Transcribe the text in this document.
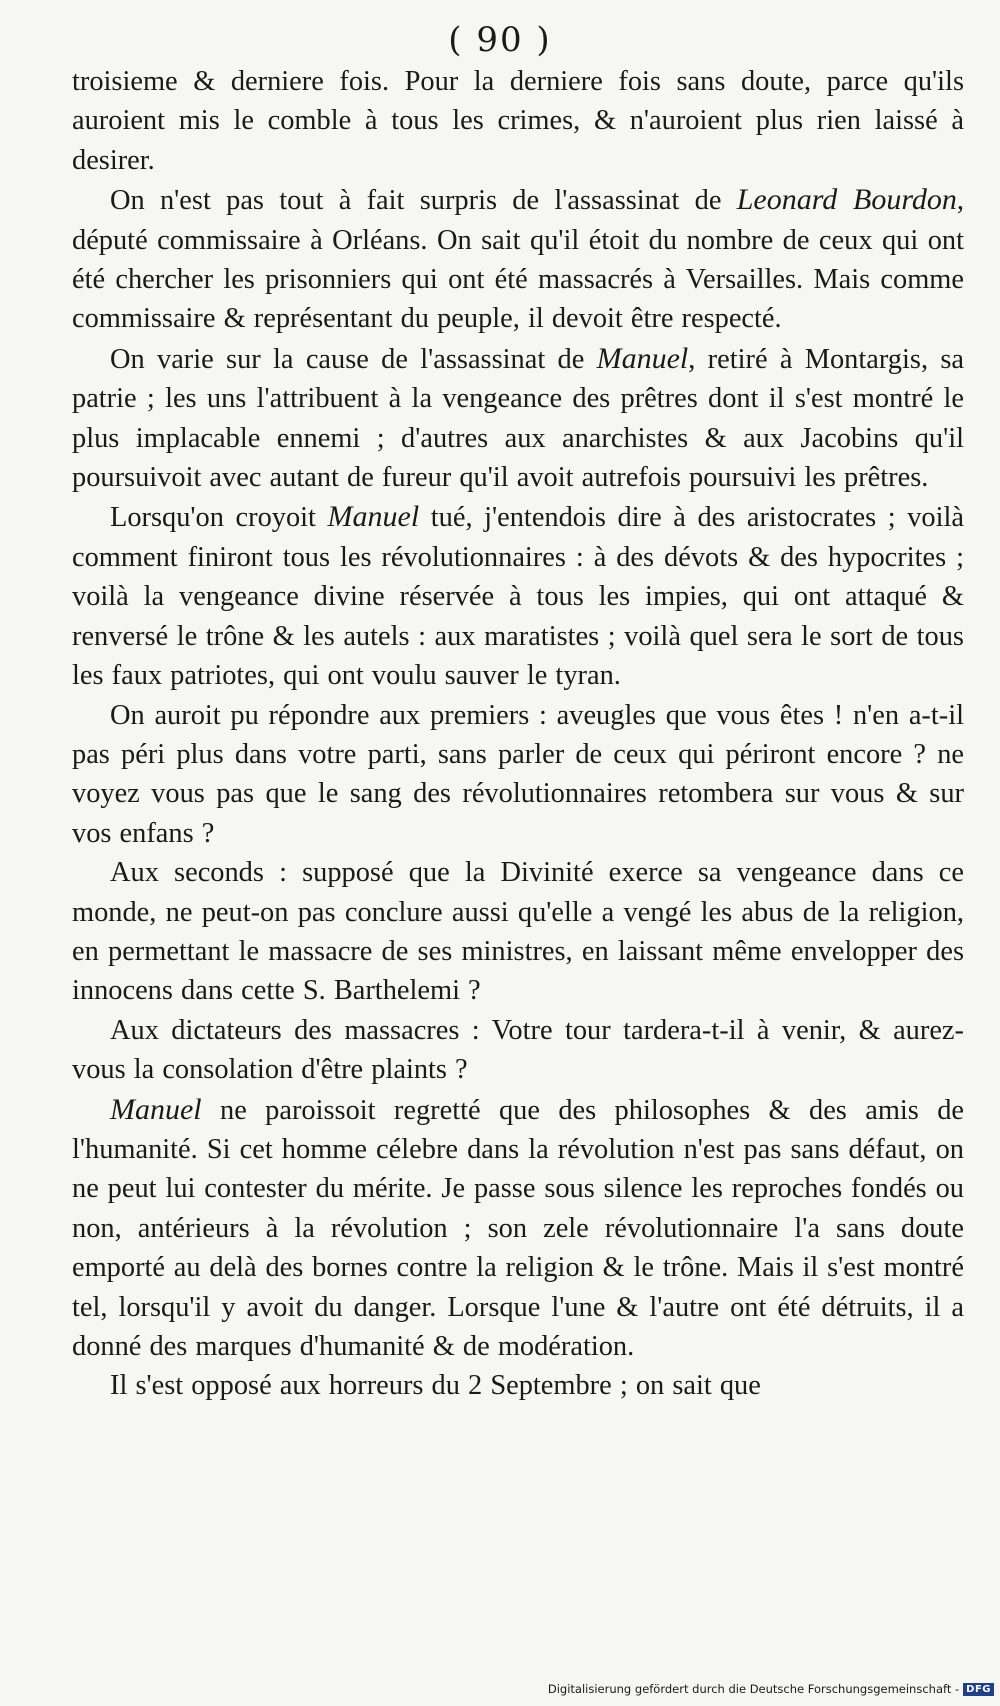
( 90 )

troisieme & derniere fois. Pour la derniere fois sans doute, parce qu'ils auroient mis le comble à tous les crimes, & n'auroient plus rien laissé à desirer.

On n'est pas tout à fait surpris de l'assassinat de Leonard Bourdon, député commissaire à Orléans. On sait qu'il étoit du nombre de ceux qui ont été chercher les prisonniers qui ont été massacrés à Versailles. Mais comme commissaire & représentant du peuple, il devoit être respecté.

On varie sur la cause de l'assassinat de Manuel, retiré à Montargis, sa patrie ; les uns l'attribuent à la vengeance des prêtres dont il s'est montré le plus implacable ennemi ; d'autres aux anarchistes & aux Jacobins qu'il poursuivoit avec autant de fureur qu'il avoit autrefois poursuivi les prêtres.

Lorsqu'on croyoit Manuel tué, j'entendois dire à des aristocrates ; voilà comment finiront tous les révolutionnaires : à des dévots & des hypocrites ; voilà la vengeance divine réservée à tous les impies, qui ont attaqué & renversé le trône & les autels : aux maratistes ; voilà quel sera le sort de tous les faux patriotes, qui ont voulu sauver le tyran.

On auroit pu répondre aux premiers : aveugles que vous êtes ! n'en a-t-il pas péri plus dans votre parti, sans parler de ceux qui périront encore ? ne voyez vous pas que le sang des révolutionnaires retombera sur vous & sur vos enfans ?

Aux seconds : supposé que la Divinité exerce sa vengeance dans ce monde, ne peut-on pas conclure aussi qu'elle a vengé les abus de la religion, en permettant le massacre de ses ministres, en laissant même envelopper des innocens dans cette S. Barthelemi ?

Aux dictateurs des massacres : Votre tour tardera-t-il à venir, & aurez-vous la consolation d'être plaints ?

Manuel ne paroissoit regretté que des philosophes & des amis de l'humanité. Si cet homme célebre dans la révolution n'est pas sans défaut, on ne peut lui contester du mérite. Je passe sous silence les reproches fondés ou non, antérieurs à la révolution ; son zele révolutionnaire l'a sans doute emporté au delà des bornes contre la religion & le trône. Mais il s'est montré tel, lorsqu'il y avoit du danger. Lorsque l'une & l'autre ont été détruits, il a donné des marques d'humanité & de modération.

Il s'est opposé aux horreurs du 2 Septembre ; on sait que

Digitalisierung gefördert durch die Deutsche Forschungsgemeinschaft - DFG
